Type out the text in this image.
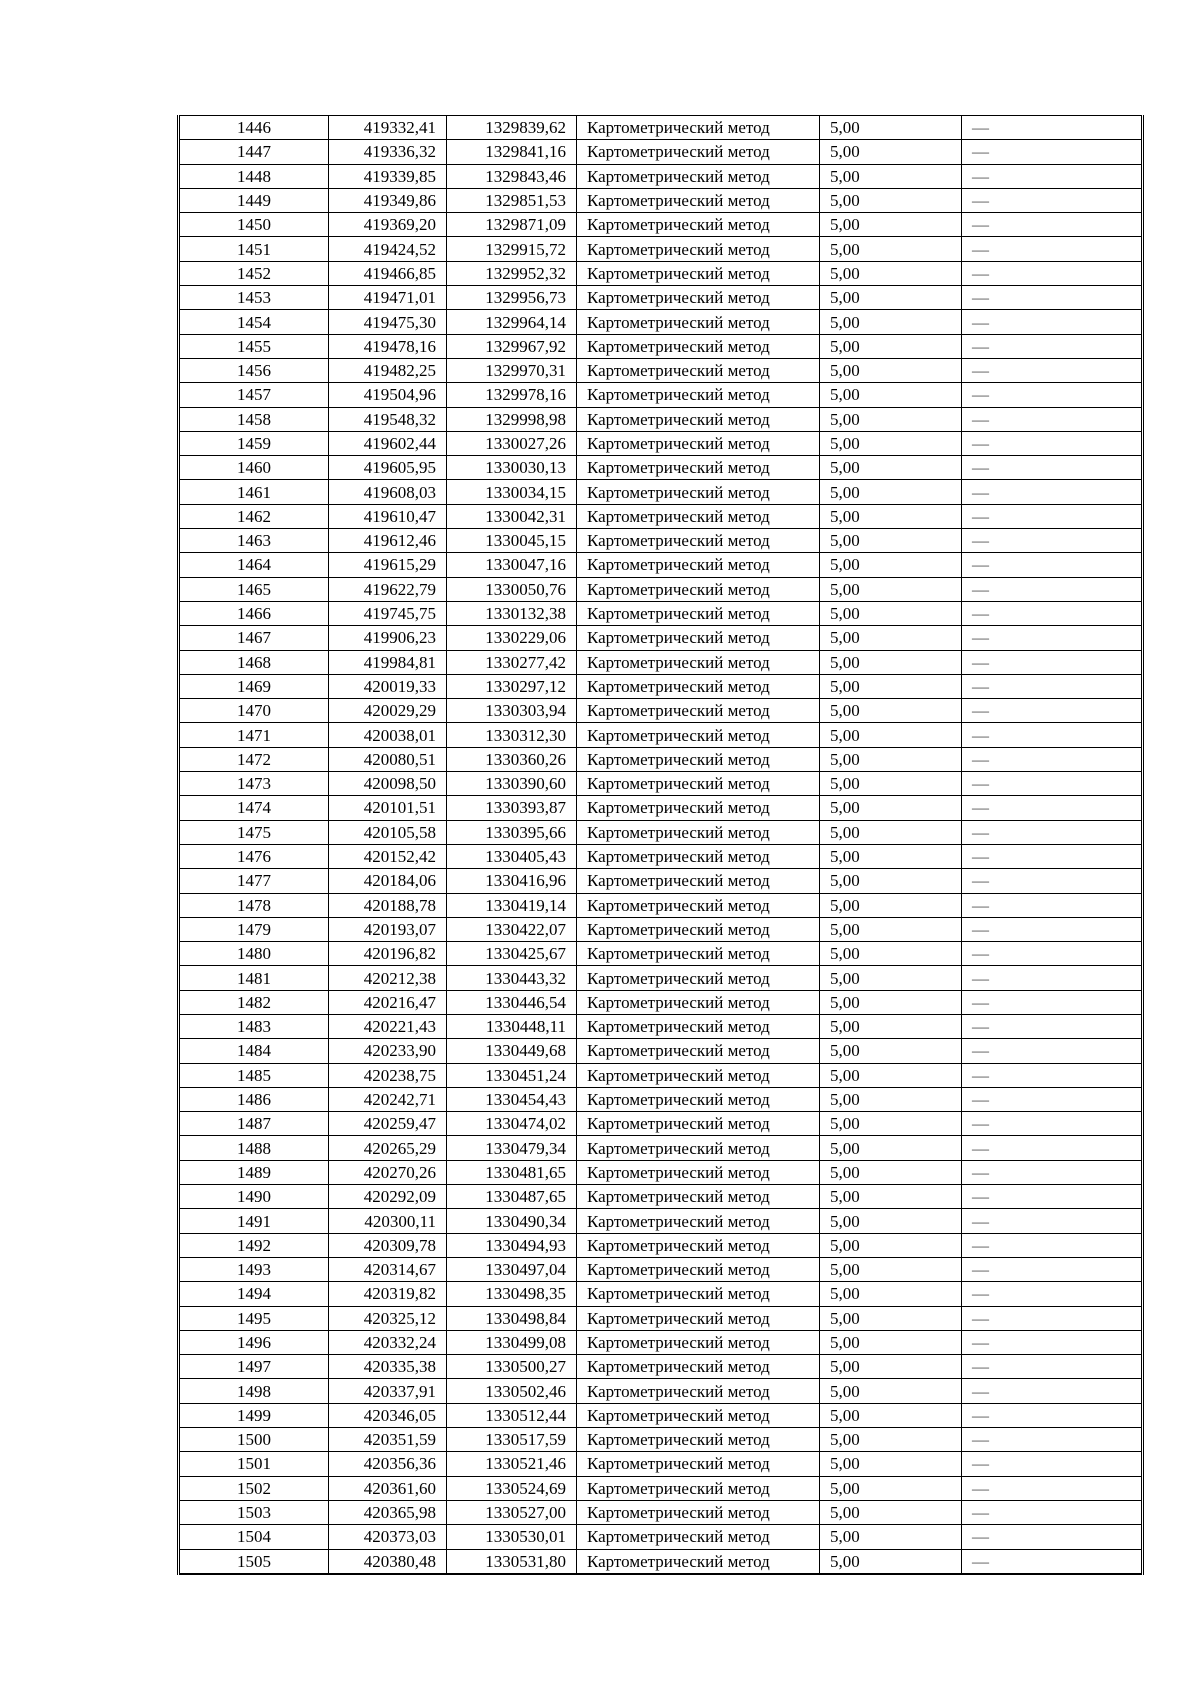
1446	419332,41	1329839,62	Картометрический метод	5,00	—
1447	419336,32	1329841,16	Картометрический метод	5,00	—
1448	419339,85	1329843,46	Картометрический метод	5,00	—
1449	419349,86	1329851,53	Картометрический метод	5,00	—
1450	419369,20	1329871,09	Картометрический метод	5,00	—
1451	419424,52	1329915,72	Картометрический метод	5,00	—
1452	419466,85	1329952,32	Картометрический метод	5,00	—
1453	419471,01	1329956,73	Картометрический метод	5,00	—
1454	419475,30	1329964,14	Картометрический метод	5,00	—
1455	419478,16	1329967,92	Картометрический метод	5,00	—
1456	419482,25	1329970,31	Картометрический метод	5,00	—
1457	419504,96	1329978,16	Картометрический метод	5,00	—
1458	419548,32	1329998,98	Картометрический метод	5,00	—
1459	419602,44	1330027,26	Картометрический метод	5,00	—
1460	419605,95	1330030,13	Картометрический метод	5,00	—
1461	419608,03	1330034,15	Картометрический метод	5,00	—
1462	419610,47	1330042,31	Картометрический метод	5,00	—
1463	419612,46	1330045,15	Картометрический метод	5,00	—
1464	419615,29	1330047,16	Картометрический метод	5,00	—
1465	419622,79	1330050,76	Картометрический метод	5,00	—
1466	419745,75	1330132,38	Картометрический метод	5,00	—
1467	419906,23	1330229,06	Картометрический метод	5,00	—
1468	419984,81	1330277,42	Картометрический метод	5,00	—
1469	420019,33	1330297,12	Картометрический метод	5,00	—
1470	420029,29	1330303,94	Картометрический метод	5,00	—
1471	420038,01	1330312,30	Картометрический метод	5,00	—
1472	420080,51	1330360,26	Картометрический метод	5,00	—
1473	420098,50	1330390,60	Картометрический метод	5,00	—
1474	420101,51	1330393,87	Картометрический метод	5,00	—
1475	420105,58	1330395,66	Картометрический метод	5,00	—
1476	420152,42	1330405,43	Картометрический метод	5,00	—
1477	420184,06	1330416,96	Картометрический метод	5,00	—
1478	420188,78	1330419,14	Картометрический метод	5,00	—
1479	420193,07	1330422,07	Картометрический метод	5,00	—
1480	420196,82	1330425,67	Картометрический метод	5,00	—
1481	420212,38	1330443,32	Картометрический метод	5,00	—
1482	420216,47	1330446,54	Картометрический метод	5,00	—
1483	420221,43	1330448,11	Картометрический метод	5,00	—
1484	420233,90	1330449,68	Картометрический метод	5,00	—
1485	420238,75	1330451,24	Картометрический метод	5,00	—
1486	420242,71	1330454,43	Картометрический метод	5,00	—
1487	420259,47	1330474,02	Картометрический метод	5,00	—
1488	420265,29	1330479,34	Картометрический метод	5,00	—
1489	420270,26	1330481,65	Картометрический метод	5,00	—
1490	420292,09	1330487,65	Картометрический метод	5,00	—
1491	420300,11	1330490,34	Картометрический метод	5,00	—
1492	420309,78	1330494,93	Картометрический метод	5,00	—
1493	420314,67	1330497,04	Картометрический метод	5,00	—
1494	420319,82	1330498,35	Картометрический метод	5,00	—
1495	420325,12	1330498,84	Картометрический метод	5,00	—
1496	420332,24	1330499,08	Картометрический метод	5,00	—
1497	420335,38	1330500,27	Картометрический метод	5,00	—
1498	420337,91	1330502,46	Картометрический метод	5,00	—
1499	420346,05	1330512,44	Картометрический метод	5,00	—
1500	420351,59	1330517,59	Картометрический метод	5,00	—
1501	420356,36	1330521,46	Картометрический метод	5,00	—
1502	420361,60	1330524,69	Картометрический метод	5,00	—
1503	420365,98	1330527,00	Картометрический метод	5,00	—
1504	420373,03	1330530,01	Картометрический метод	5,00	—
1505	420380,48	1330531,80	Картометрический метод	5,00	—
